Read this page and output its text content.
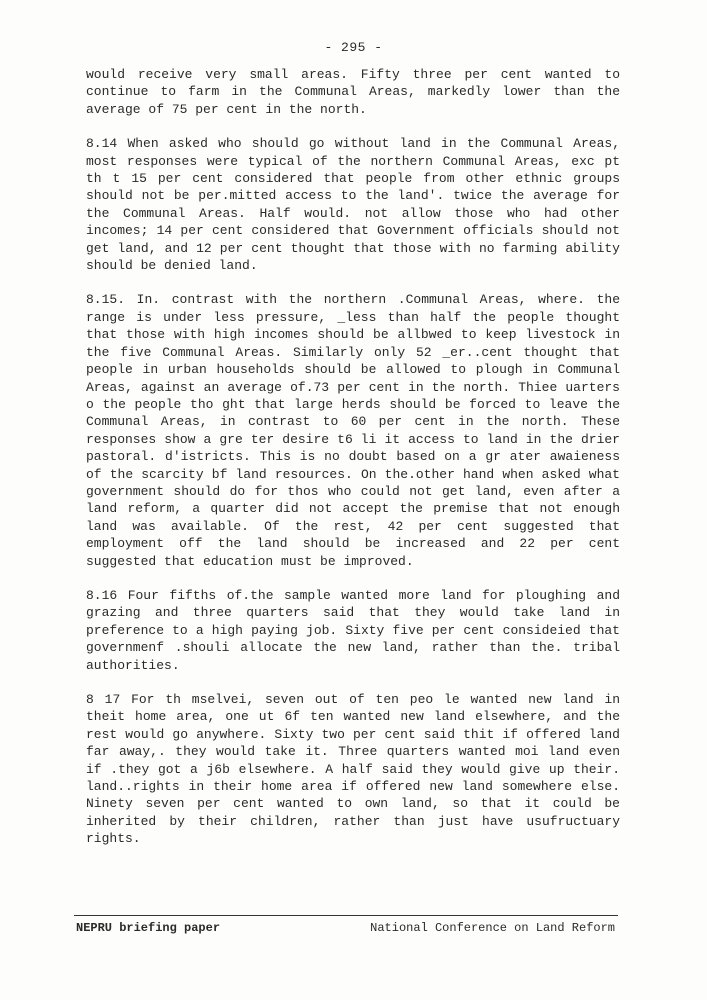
- 295 -

would receive very small areas. Fifty three per cent wanted to continue to farm in the Communal Areas, markedly lower than the average of 75 per cent in the north.

8.14 When asked who should go without land in the Communal Areas, most responses were typical of the northern Communal Areas, exc pt th t 15 per cent considered that people from other ethnic groups should not be per.mitted access to the land'. twice the average for the Communal Areas. Half would. not allow those who had other incomes; 14 per cent considered that Government officials should not get land, and 12 per cent thought that those with no farming ability should be denied land.

8.15. In. contrast with the northern .Communal Areas, where. the range is under less pressure, _less than half the people thought that those with high incomes should be allbwed to keep livestock in the five Communal Areas. Similarly only 52 _er..cent thought that people in urban households should be allowed to plough in Communal Areas, against an average of.73 per cent in the north. Thiee uarters o the people tho ght that large herds should be forced to leave the Communal Areas, in contrast to 60 per cent in the north. These responses show a gre ter desire t6 li it access to land in the drier pastoral. d'istricts. This is no doubt based on a gr ater awaieness of the scarcity bf land resources. On the.other hand when asked what government should do for thos who could not get land, even after a land reform, a quarter did not accept the premise that not enough land was available. Of the rest, 42 per cent suggested that employment off the land should be increased and 22 per cent suggested that education must be improved.

8.16 Four fifths of.the sample wanted more land for ploughing and grazing and three quarters said that they would take land in preference to a high paying job. Sixty five per cent consideied that governmenf .shouli allocate the new land, rather than the. tribal authorities.

8 17 For th mselvei, seven out of ten peo le wanted new land in theit home area, one ut 6f ten wanted new land elsewhere, and the rest would go anywhere. Sixty two per cent said thit if offered land far away,. they would take it. Three quarters wanted moi land even if .they got a j6b elsewhere. A half said they would give up their. land..rights in their home area if offered new land somewhere else. Ninety seven per cent wanted to own land, so that it could be inherited by their children, rather than just have usufructuary rights.

NEPRU briefing paper	National Conference on Land Reform
